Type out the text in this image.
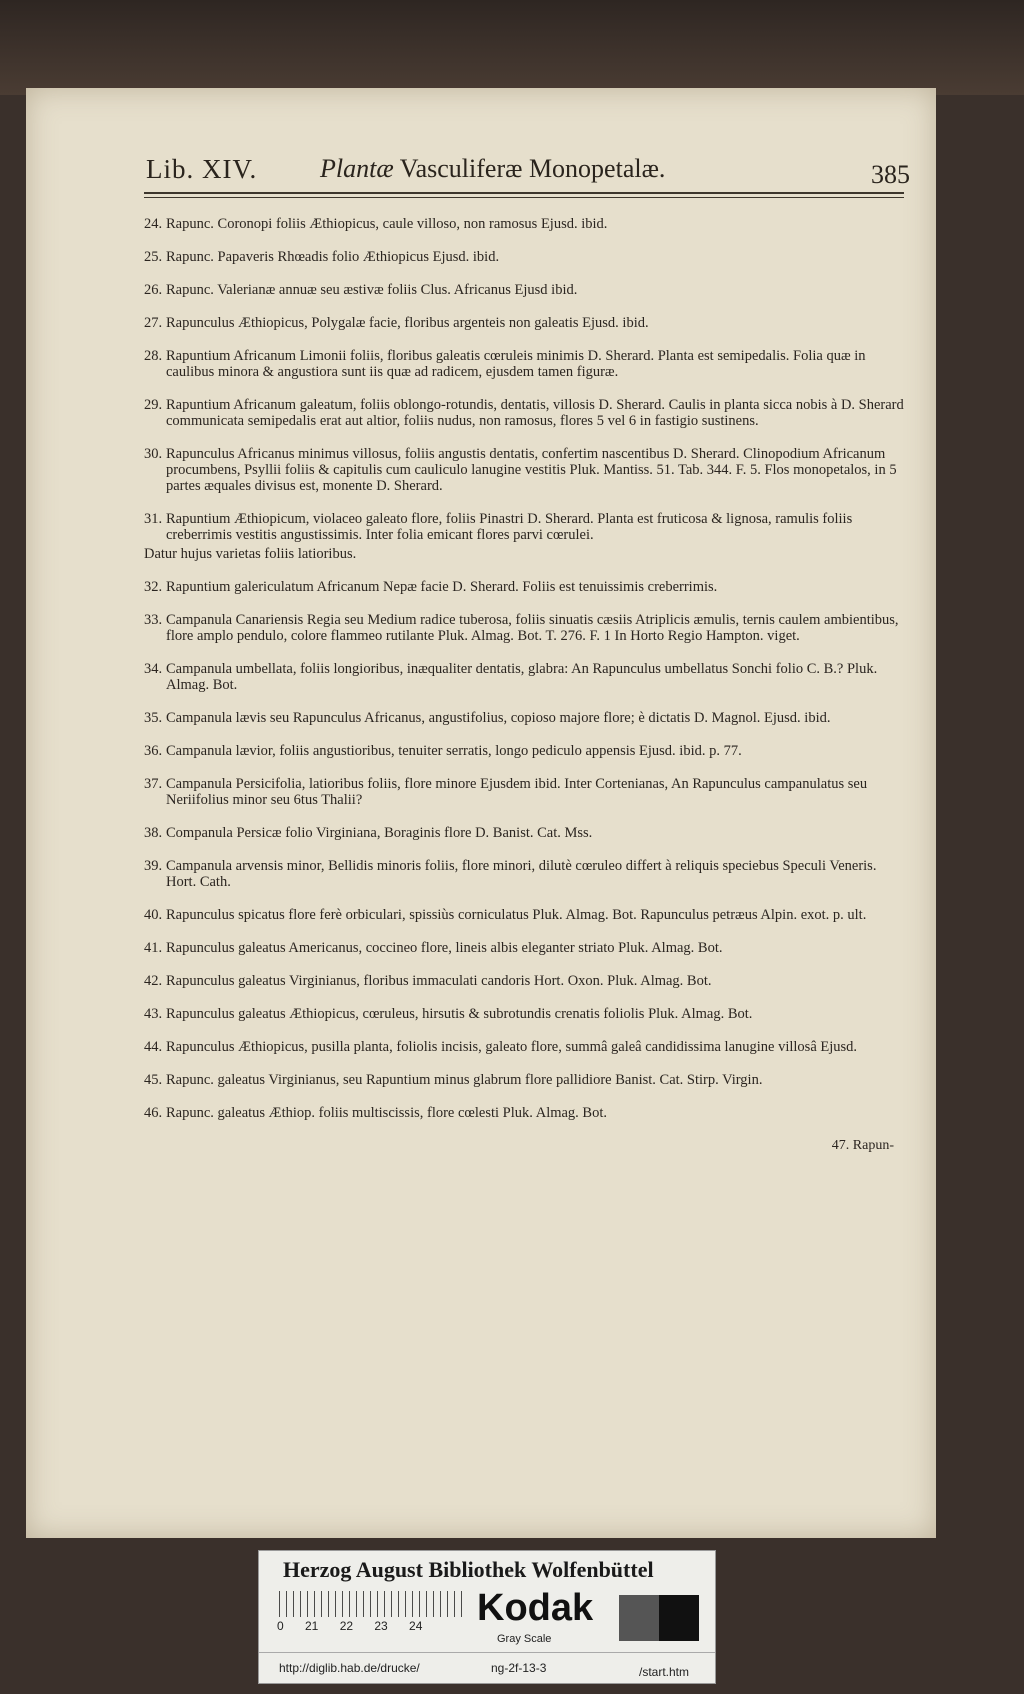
Lib. XIV. Plantæ Vasculiferæ Monopetalæ.	385
24. Rapunc. Coronopi foliis Æthiopicus, caule villoso, non ramosus Ejusd. ibid.
25. Rapunc. Papaveris Rhœadis folio Æthiopicus Ejusd. ibid.
26. Rapunc. Valerianæ annuæ seu æstivæ foliis Clus. Africanus Ejusd ibid.
27. Rapunculus Æthiopicus, Polygalæ facie, floribus argenteis non galeatis Ejusd. ibid.
28. Rapuntium Africanum Limonii foliis, floribus galeatis cœruleis minimis D. Sherard. Planta est semipedalis. Folia quæ in caulibus minora & angustiora sunt iis quæ ad radicem, ejusdem tamen figuræ.
29. Rapuntium Africanum galeatum, foliis oblongo-rotundis, dentatis, villosis D. Sherard. Caulis in planta sicca nobis à D. Sherard communicata semipedalis erat aut altior, foliis nudus, non ramosus, flores 5 vel 6 in fastigio sustinens.
30. Rapunculus Africanus minimus villosus, foliis angustis dentatis, confertim nascentibus D. Sherard. Clinopodium Africanum procumbens, Psyllii foliis & capitulis cum cauliculo lanugine vestitis Pluk. Mantiss. 51. Tab. 344. F. 5. Flos monopetalos, in 5 partes æquales divisus est, monente D. Sherard.
31. Rapuntium Æthiopicum, violaceo galeato flore, foliis Pinastri D. Sherard. Planta est fruticosa & lignosa, ramulis foliis creberrimis vestitis angustissimis. Inter folia emicant flores parvi cœrulei.
Datur hujus varietas foliis latioribus.
32. Rapuntium galericulatum Africanum Nepæ facie D. Sherard. Foliis est tenuissimis creberrimis.
33. Campanula Canariensis Regia seu Medium radice tuberosa, foliis sinuatis cæsiis Atriplicis æmulis, ternis caulem ambientibus, flore amplo pendulo, colore flammeo rutilante Pluk. Almag. Bot. T. 276. F. 1 In Horto Regio Hampton. viget.
34. Campanula umbellata, foliis longioribus, inæqualiter dentatis, glabra: An Rapunculus umbellatus Sonchi folio C. B.? Pluk. Almag. Bot.
35. Campanula lævis seu Rapunculus Africanus, angustifolius, copioso majore flore; è dictatis D. Magnol. Ejusd. ibid.
36. Campanula lævior, foliis angustioribus, tenuiter serratis, longo pediculo appensis Ejusd. ibid. p. 77.
37. Campanula Persicifolia, latioribus foliis, flore minore Ejusdem ibid. Inter Cortenianas, An Rapunculus campanulatus seu Neriifolius minor seu 6tus Thalii?
38. Companula Persicæ folio Virginiana, Boraginis flore D. Banist. Cat. Mss.
39. Campanula arvensis minor, Bellidis minoris foliis, flore minori, dilutè cœruleo differt à reliquis speciebus Speculi Veneris. Hort. Cath.
40. Rapunculus spicatus flore ferè orbiculari, spissiùs corniculatus Pluk. Almag. Bot. Rapunculus petræus Alpin. exot. p. ult.
41. Rapunculus galeatus Americanus, coccineo flore, lineis albis eleganter striato Pluk. Almag. Bot.
42. Rapunculus galeatus Virginianus, floribus immaculati candoris Hort. Oxon. Pluk. Almag. Bot.
43. Rapunculus galeatus Æthiopicus, cœruleus, hirsutis & subrotundis crenatis foliolis Pluk. Almag. Bot.
44. Rapunculus Æthiopicus, pusilla planta, foliolis incisis, galeato flore, summâ galeâ candidissima lanugine villosâ Ejusd.
45. Rapunc. galeatus Virginianus, seu Rapuntium minus glabrum flore pallidiore Banist. Cat. Stirp. Virgin.
46. Rapunc. galeatus Æthiop. foliis multiscissis, flore cœlesti Pluk. Almag. Bot.
47. Rapun-
Herzog August Bibliothek Wolfenbüttel
0 21 22 23 24 Kodak
Gray Scale
http://diglib.hab.de/drucke/	ng-2f-13-3	/start.htm
